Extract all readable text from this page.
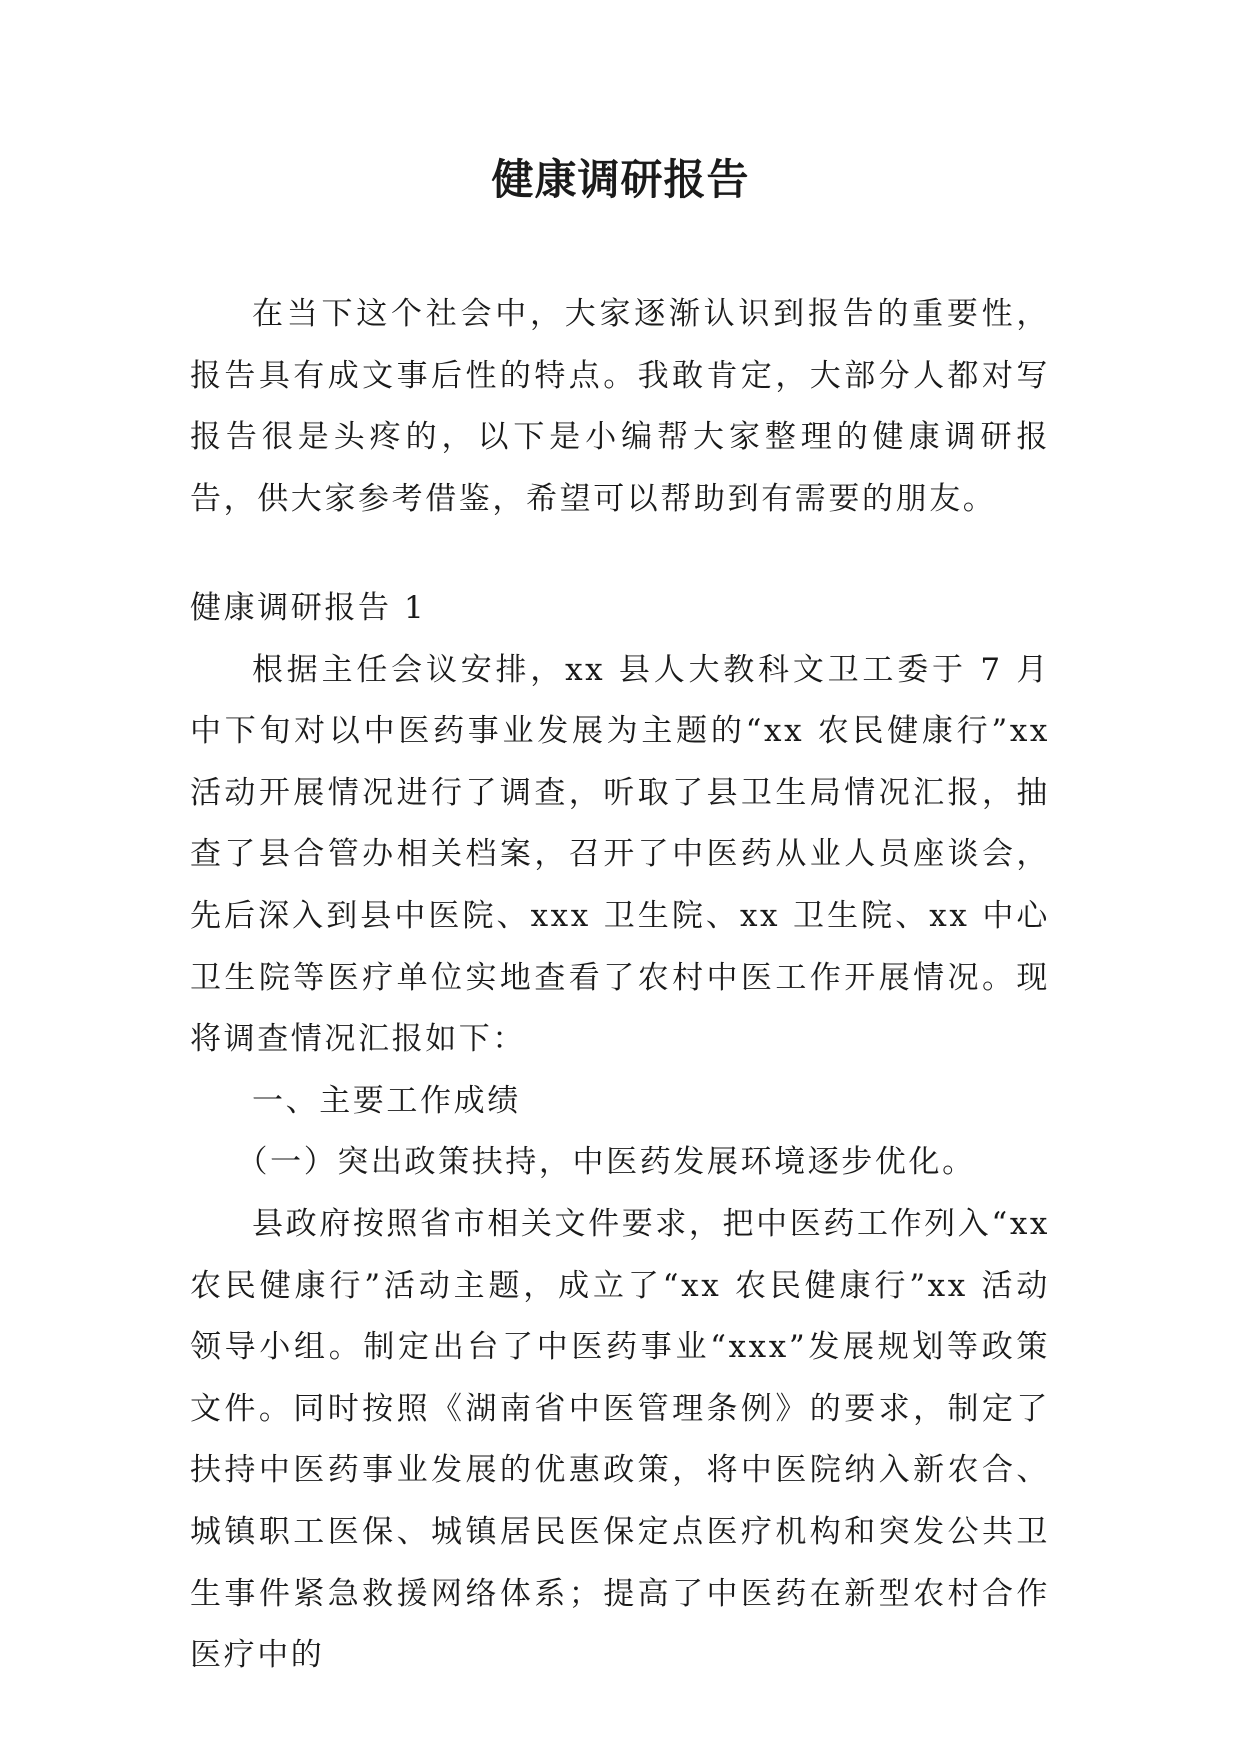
健康调研报告

在当下这个社会中，大家逐渐认识到报告的重要性，报告具有成文事后性的特点。我敢肯定，大部分人都对写报告很是头疼的，以下是小编帮大家整理的健康调研报告，供大家参考借鉴，希望可以帮助到有需要的朋友。

健康调研报告 1

根据主任会议安排，xx 县人大教科文卫工委于 7 月中下旬对以中医药事业发展为主题的“xx 农民健康行”xx 活动开展情况进行了调查，听取了县卫生局情况汇报，抽查了县合管办相关档案，召开了中医药从业人员座谈会，先后深入到县中医院、xxx 卫生院、xx 卫生院、xx 中心卫生院等医疗单位实地查看了农村中医工作开展情况。现将调查情况汇报如下：

一、主要工作成绩

（一）突出政策扶持，中医药发展环境逐步优化。

县政府按照省市相关文件要求，把中医药工作列入“xx农民健康行”活动主题，成立了“xx 农民健康行”xx 活动领导小组。制定出台了中医药事业“xxx”发展规划等政策文件。同时按照《湖南省中医管理条例》的要求，制定了扶持中医药事业发展的优惠政策，将中医院纳入新农合、城镇职工医保、城镇居民医保定点医疗机构和突发公共卫生事件紧急救援网络体系；提高了中医药在新型农村合作医疗中的
